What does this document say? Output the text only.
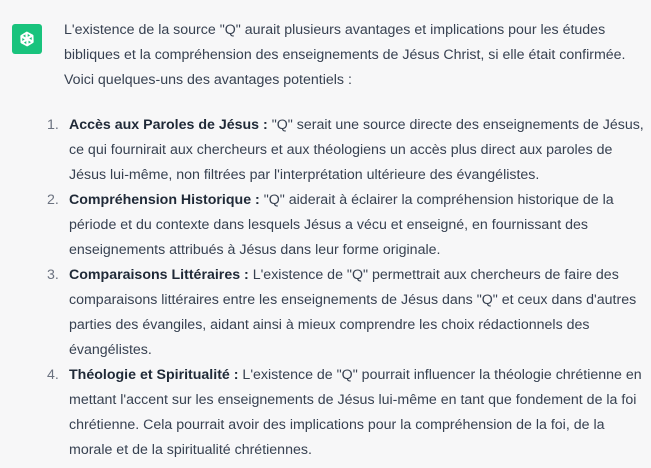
L'existence de la source "Q" aurait plusieurs avantages et implications pour les études bibliques et la compréhension des enseignements de Jésus Christ, si elle était confirmée. Voici quelques-uns des avantages potentiels :

1. Accès aux Paroles de Jésus : "Q" serait une source directe des enseignements de Jésus, ce qui fournirait aux chercheurs et aux théologiens un accès plus direct aux paroles de Jésus lui-même, non filtrées par l'interprétation ultérieure des évangélistes.
2. Compréhension Historique : "Q" aiderait à éclairer la compréhension historique de la période et du contexte dans lesquels Jésus a vécu et enseigné, en fournissant des enseignements attribués à Jésus dans leur forme originale.
3. Comparaisons Littéraires : L'existence de "Q" permettrait aux chercheurs de faire des comparaisons littéraires entre les enseignements de Jésus dans "Q" et ceux dans d'autres parties des évangiles, aidant ainsi à mieux comprendre les choix rédactionnels des évangélistes.
4. Théologie et Spiritualité : L'existence de "Q" pourrait influencer la théologie chrétienne en mettant l'accent sur les enseignements de Jésus lui-même en tant que fondement de la foi chrétienne. Cela pourrait avoir des implications pour la compréhension de la foi, de la morale et de la spiritualité chrétiennes.
